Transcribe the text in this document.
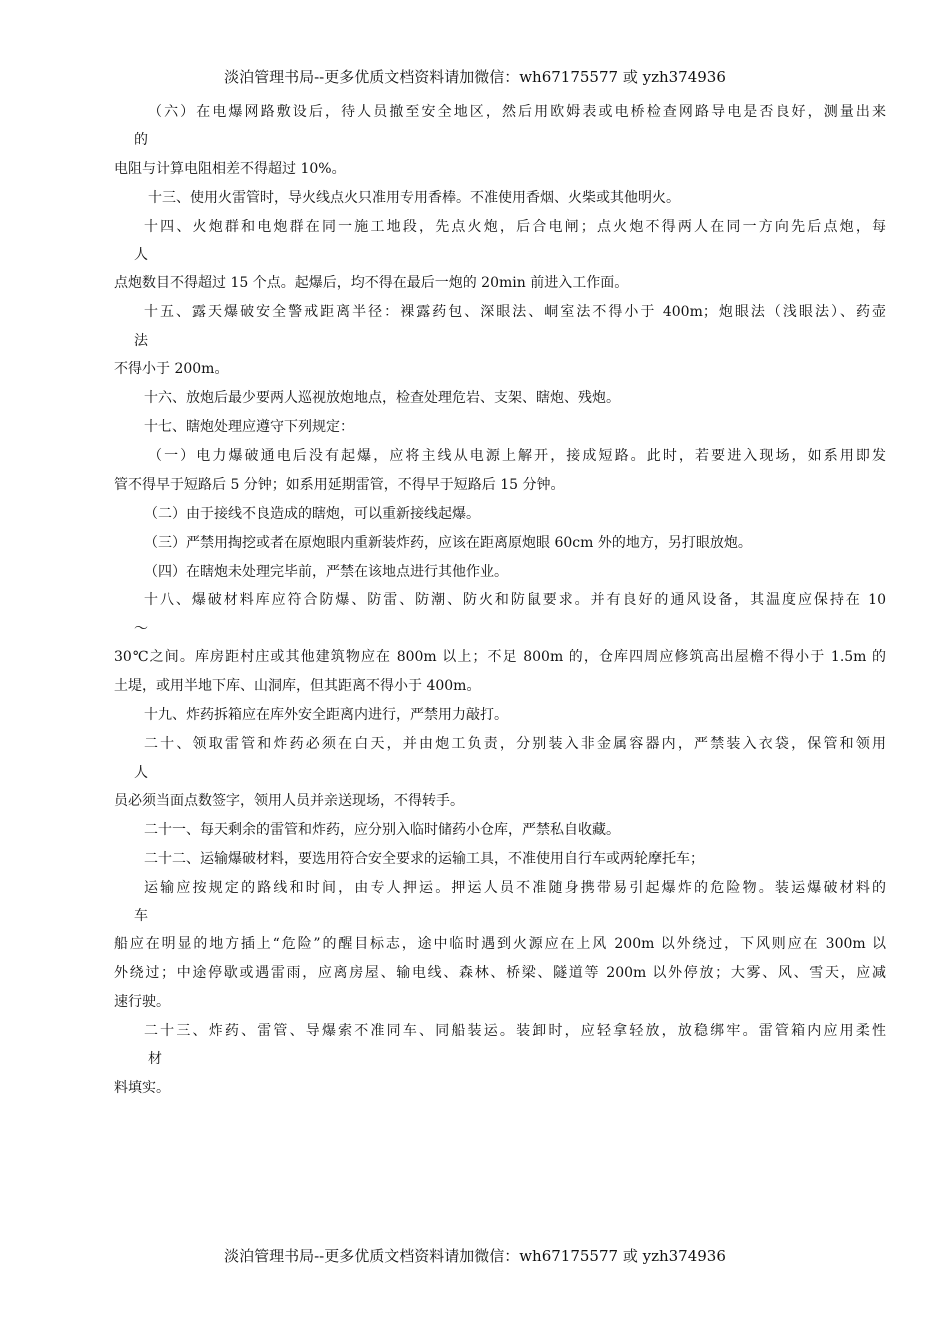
淡泊管理书局--更多优质文档资料请加微信：wh67175577 或 yzh374936
（六）在电爆网路敷设后，待人员撤至安全地区，然后用欧姆表或电桥检查网路导电是否良好，测量出来
的
电阻与计算电阻相差不得超过 10%。
十三、使用火雷管时，导火线点火只准用专用香棒。不准使用香烟、火柴或其他明火。
十四、火炮群和电炮群在同一施工地段，先点火炮，后合电闸；点火炮不得两人在同一方向先后点炮，每
人
点炮数目不得超过 15 个点。起爆后，均不得在最后一炮的 20min 前进入工作面。
十五、露天爆破安全警戒距离半径：裸露药包、深眼法、峒室法不得小于 400m；炮眼法（浅眼法）、药壶
法
不得小于 200m。
十六、放炮后最少要两人巡视放炮地点，检查处理危岩、支架、瞎炮、残炮。
十七、瞎炮处理应遵守下列规定：
（一）电力爆破通电后没有起爆，应将主线从电源上解开，接成短路。此时，若要进入现场，如系用即发
管不得早于短路后 5 分钟；如系用延期雷管，不得早于短路后 15 分钟。
（二）由于接线不良造成的瞎炮，可以重新接线起爆。
（三）严禁用掏挖或者在原炮眼内重新装炸药，应该在距离原炮眼 60cm 外的地方，另打眼放炮。
（四）在瞎炮未处理完毕前，严禁在该地点进行其他作业。
十八、爆破材料库应符合防爆、防雷、防潮、防火和防鼠要求。并有良好的通风设备，其温度应保持在 10
～
30℃之间。库房距村庄或其他建筑物应在 800m 以上；不足 800m 的，仓库四周应修筑高出屋檐不得小于 1.5m 的
土堤，或用半地下库、山洞库，但其距离不得小于 400m。
十九、炸药拆箱应在库外安全距离内进行，严禁用力敲打。
二十、领取雷管和炸药必须在白天，并由炮工负责，分别装入非金属容器内，严禁装入衣袋，保管和领用
人
员必须当面点数签字，领用人员并亲送现场，不得转手。
二十一、每天剩余的雷管和炸药，应分别入临时储药小仓库，严禁私自收藏。
二十二、运输爆破材料，要选用符合安全要求的运输工具，不准使用自行车或两轮摩托车；
运输应按规定的路线和时间，由专人押运。押运人员不准随身携带易引起爆炸的危险物。装运爆破材料的
车
船应在明显的地方插上“危险”的醒目标志，途中临时遇到火源应在上风 200m 以外绕过，下风则应在 300m 以
外绕过；中途停歇或遇雷雨，应离房屋、输电线、森林、桥梁、隧道等 200m 以外停放；大雾、风、雪天，应减
速行驶。
二十三、炸药、雷管、导爆索不准同车、同船装运。装卸时，应轻拿轻放，放稳绑牢。雷管箱内应用柔性
材
料填实。
淡泊管理书局--更多优质文档资料请加微信：wh67175577 或 yzh374936
